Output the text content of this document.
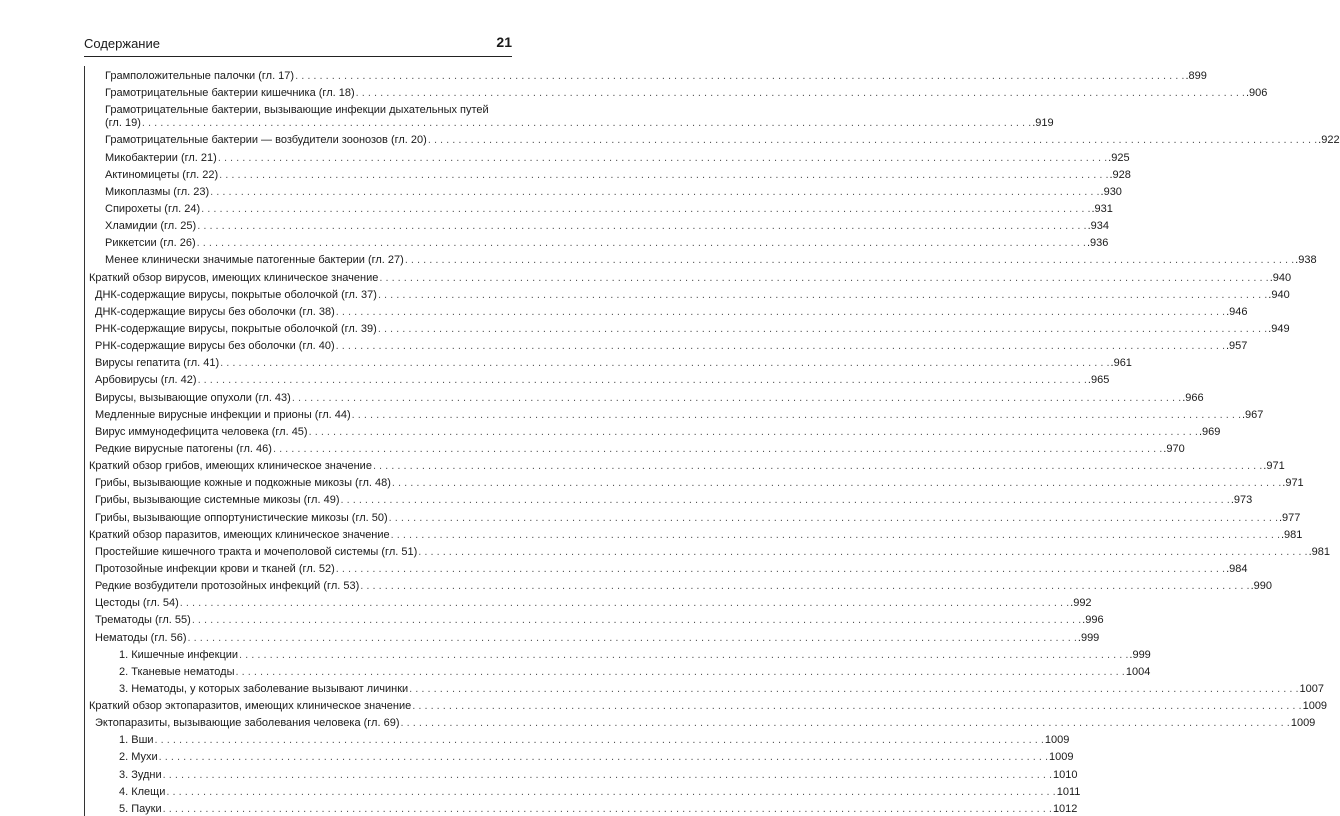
Содержание	21
Грамположительные палочки (гл. 17) . . .	.899
Грамотрицательные бактерии кишечника (гл. 18) . . .	.906
Грамотрицательные бактерии, вызывающие инфекции дыхательных путей
(гл. 19) . . .	.919
Грамотрицательные бактерии — возбудители зоонозов (гл. 20) . . .	.922
Микобактерии (гл. 21) . . .	.925
Актиномицеты (гл. 22) . . .	.928
Микоплазмы (гл. 23) . . .	.930
Спирохеты (гл. 24) . . .	.931
Хламидии (гл. 25) . . .	.934
Риккетсии (гл. 26) . . .	.936
Менее клинически значимые патогенные бактерии (гл. 27) . . .	.938
Краткий обзор вирусов, имеющих клиническое значение . . .	.940
ДНК-содержащие вирусы, покрытые оболочкой (гл. 37) . . .	.940
ДНК-содержащие вирусы без оболочки (гл. 38) . . .	.946
РНК-содержащие вирусы, покрытые оболочкой (гл. 39) . . .	.949
РНК-содержащие вирусы без оболочки (гл. 40) . . .	.957
Вирусы гепатита (гл. 41) . . .	.961
Арбовирусы (гл. 42) . . .	.965
Вирусы, вызывающие опухоли (гл. 43) . . .	.966
Медленные вирусные инфекции и прионы (гл. 44) . . .	.967
Вирус иммунодефицита человека (гл. 45) . . .	.969
Редкие вирусные патогены (гл. 46) . . .	.970
Краткий обзор грибов, имеющих клиническое значение . . .	.971
Грибы, вызывающие кожные и подкожные микозы (гл. 48) . . .	.971
Грибы, вызывающие системные микозы (гл. 49) . . .	.973
Грибы, вызывающие оппортунистические микозы (гл. 50) . . .	.977
Краткий обзор паразитов, имеющих клиническое значение . . .	.981
Простейшие кишечного тракта и мочеполовой системы (гл. 51) . . .	.981
Протозойные инфекции крови и тканей (гл. 52) . . .	.984
Редкие возбудители протозойных инфекций (гл. 53) . . .	.990
Цестоды (гл. 54) . . .	.992
Трематоды (гл. 55) . . .	.996
Нематоды (гл. 56) . . .	.999
1. Кишечные инфекции . . .	.999
2. Тканевые нематоды . . .	1004
3. Нематоды, у которых заболевание вызывают личинки . . .	1007
Краткий обзор эктопаразитов, имеющих клиническое значение . . .	1009
Эктопаразиты, вызывающие заболевания человека (гл. 69) . . .	1009
1. Вши . . .	1009
2. Мухи . . .	1009
3. Зудни . . .	1010
4. Клещи . . .	1011
5. Пауки . . .	1012
